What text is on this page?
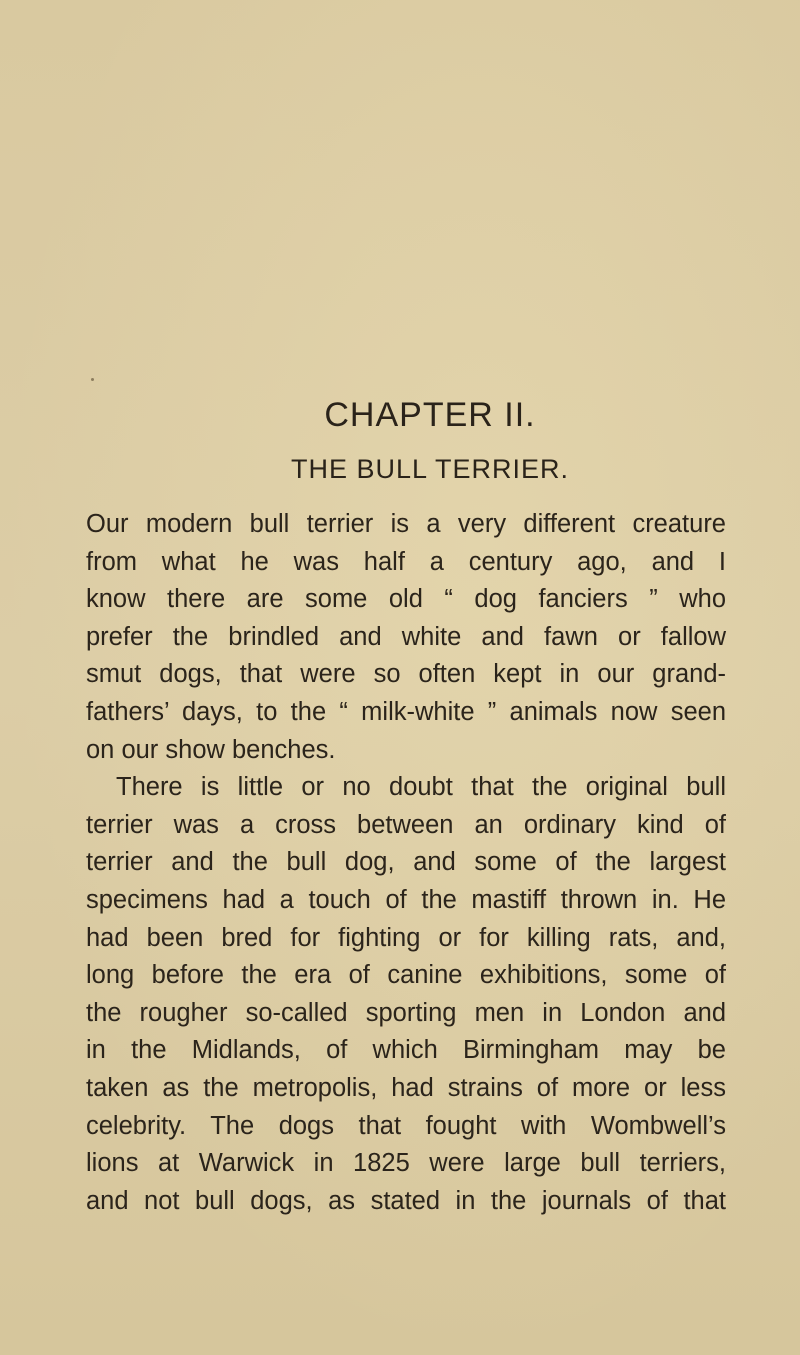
CHAPTER II.
THE BULL TERRIER.
Our modern bull terrier is a very different creature
from what he was half a century ago, and I
know there are some old “ dog fanciers ” who
prefer the brindled and white and fawn or fallow
smut dogs, that were so often kept in our grand-
fathers’ days, to the “ milk-white ” animals now seen
on our show benches.
There is little or no doubt that the original bull
terrier was a cross between an ordinary kind of
terrier and the bull dog, and some of the largest
specimens had a touch of the mastiff thrown in. He
had been bred for fighting or for killing rats, and,
long before the era of canine exhibitions, some of
the rougher so-called sporting men in London and
in the Midlands, of which Birmingham may be
taken as the metropolis, had strains of more or less
celebrity. The dogs that fought with Wombwell’s
lions at Warwick in 1825 were large bull terriers,
and not bull dogs, as stated in the journals of that
